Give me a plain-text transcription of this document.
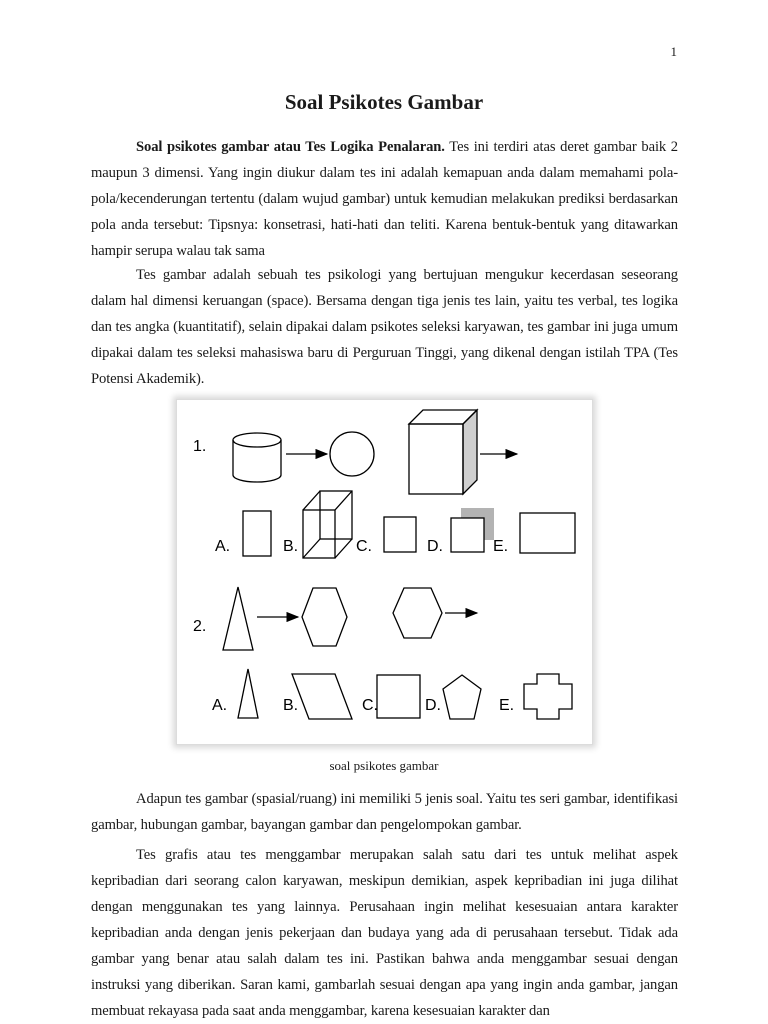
1
Soal Psikotes Gambar

Soal psikotes gambar atau Tes Logika Penalaran. Tes ini terdiri atas deret gambar baik 2 maupun 3 dimensi. Yang ingin diukur dalam tes ini adalah kemapuan anda dalam memahami pola-pola/kecenderungan tertentu (dalam wujud gambar) untuk kemudian melakukan prediksi berdasarkan pola anda tersebut: Tipsnya: konsetrasi, hati-hati dan teliti. Karena bentuk-bentuk yang ditawarkan hampir serupa walau tak sama

Tes gambar adalah sebuah tes psikologi yang bertujuan mengukur kecerdasan seseorang dalam hal dimensi keruangan (space). Bersama dengan tiga jenis tes lain, yaitu tes verbal, tes logika dan tes angka (kuantitatif), selain dipakai dalam psikotes seleksi karyawan, tes gambar ini juga umum dipakai dalam tes seleksi mahasiswa baru di Perguruan Tinggi, yang dikenal dengan istilah TPA (Tes Potensi Akademik).

1.
A.	B.	C.	D.	E.
2.
A.	B.	C.	D.	E.
soal psikotes gambar

Adapun tes gambar (spasial/ruang) ini memiliki 5 jenis soal. Yaitu tes seri gambar, identifikasi gambar, hubungan gambar, bayangan gambar dan pengelompokan gambar.

Tes grafis atau tes menggambar merupakan salah satu dari tes untuk melihat aspek kepribadian dari seorang calon karyawan, meskipun demikian, aspek kepribadian ini juga dilihat dengan menggunakan tes yang lainnya. Perusahaan ingin melihat kesesuaian antara karakter kepribadian anda dengan jenis pekerjaan dan budaya yang ada di perusahaan tersebut. Tidak ada gambar yang benar atau salah dalam tes ini. Pastikan bahwa anda menggambar sesuai dengan instruksi yang diberikan. Saran kami, gambarlah sesuai dengan apa yang ingin anda gambar, jangan membuat rekayasa pada saat anda menggambar, karena kesesuaian karakter dan
